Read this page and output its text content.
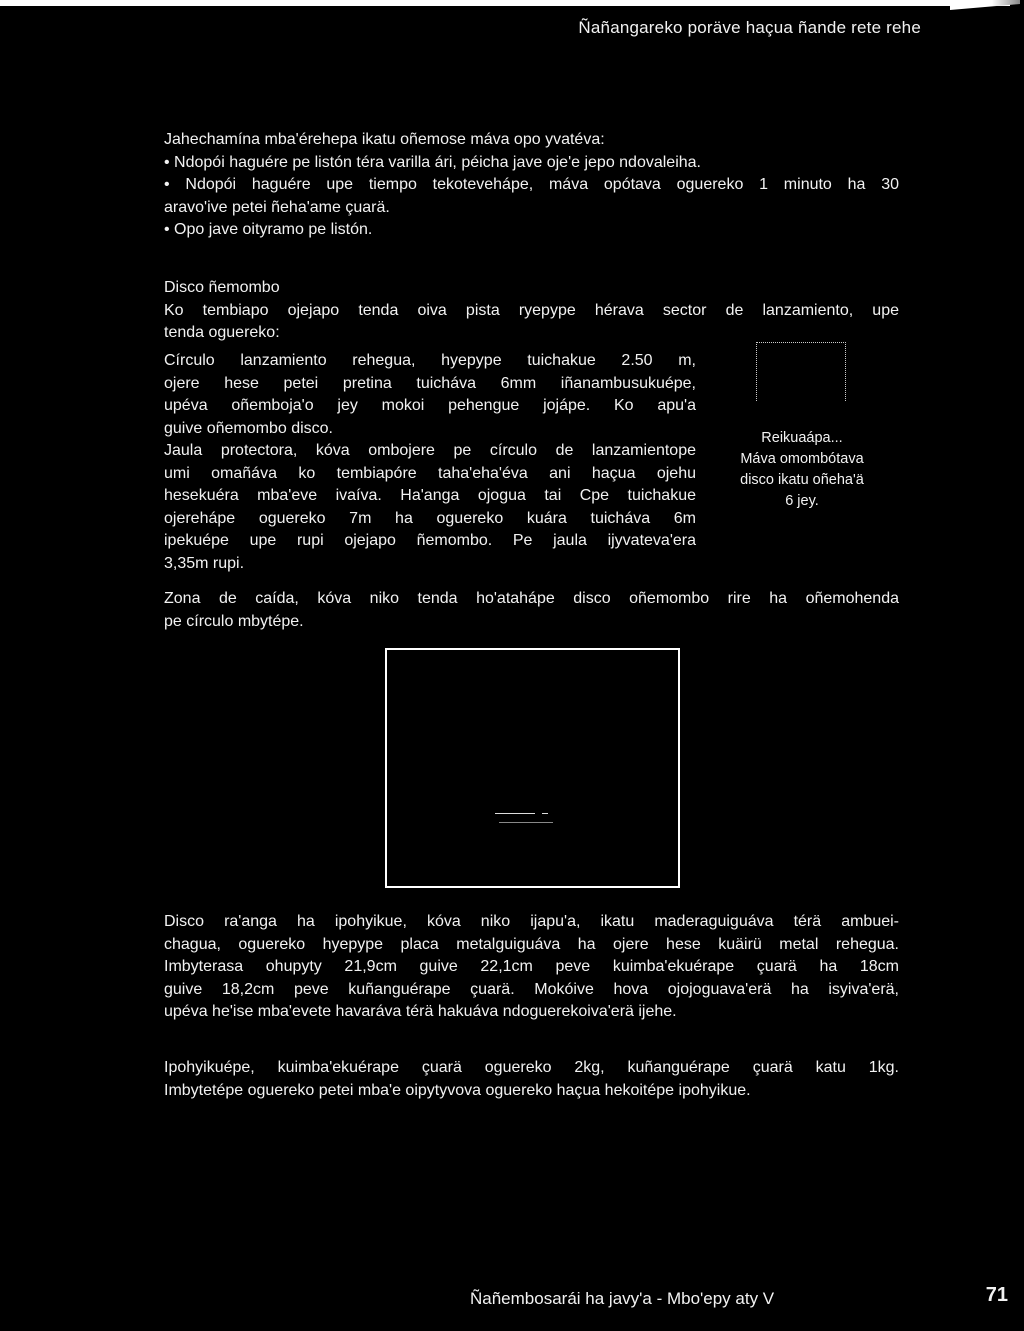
Ñañangareko poräve haçua ñande rete rehe

Jahechamína mba'érehepa ikatu oñemose máva opo yvatéva:

• Ndopói haguére pe listón téra varilla ári, péicha jave oje'e jepo ndovaleiha.

• Ndopói haguére upe tiempo tekoteveháре, máva opótava oguereko 1 minuto ha 30

aravo'ive petei ñeha'ame çuarä.

• Opo jave oityramo pe listón.

Disco ñemombo

Ko tembiapo ojejapo tenda oiva pista ryepype hérava sector de lanzamiento, upe

tenda oguereko:

Círculo lanzamiento rehegua, hyepype tuichakue 2.50 m,

ojere hese petei pretina tuicháva 6mm iñanambusukuépe,

upéva oñemboja'o jey mokoi pehengue jojápe. Ko apu'a

guive oñemombo disco.

Jaula protectora, kóva ombojere pe círculo de lanzamientope

umi omañáva ko tembiapóre taha'eha'éva ani haçua ojehu

hesekuéra mba'eve ivaíva. Ha'anga ojogua tai Cpe tuichakue

ojereháре oguereko 7m ha oguereko kuára tuicháva 6m

ipekuépe upe rupi ojejapo ñemombo. Pe jaula ijyvateva'era

3,35m rupi.

Zona de caída, kóva niko tenda ho'atahápe disco oñemombo rire ha oñemohenda

pe círculo mbytépe.

Reikuaápa...
Máva omombótava
disco ikatu oñeha'ä
6 jey.

Disco ra'anga ha ipohyikue, kóva niko ijapu'a, ikatu maderaguiguáva térä ambuei-

chagua, oguereko hyepype placa metalguiguáva ha ojere hese kuäirü metal rehegua.

Imbyterasa ohupyty 21,9cm guive 22,1cm peve kuimba'ekuérape çuarä ha 18cm

guive 18,2cm peve kuñanguérape çuarä. Mokóive hova ojojoguava'erä ha isyiva'erä,

upéva he'ise mba'evete havaráva térä hakuáva ndoguerekoiva'erä ijehe.

Ipohyikuépe, kuimba'ekuérape çuarä oguereko 2kg, kuñanguérape çuarä katu 1kg.

Imbytetépe oguereko petei mba'e oipytyvova oguereko haçua hekoitépe ipohyikue.

Ñañembosarái ha javy'a - Mbo'epy aty V	71
